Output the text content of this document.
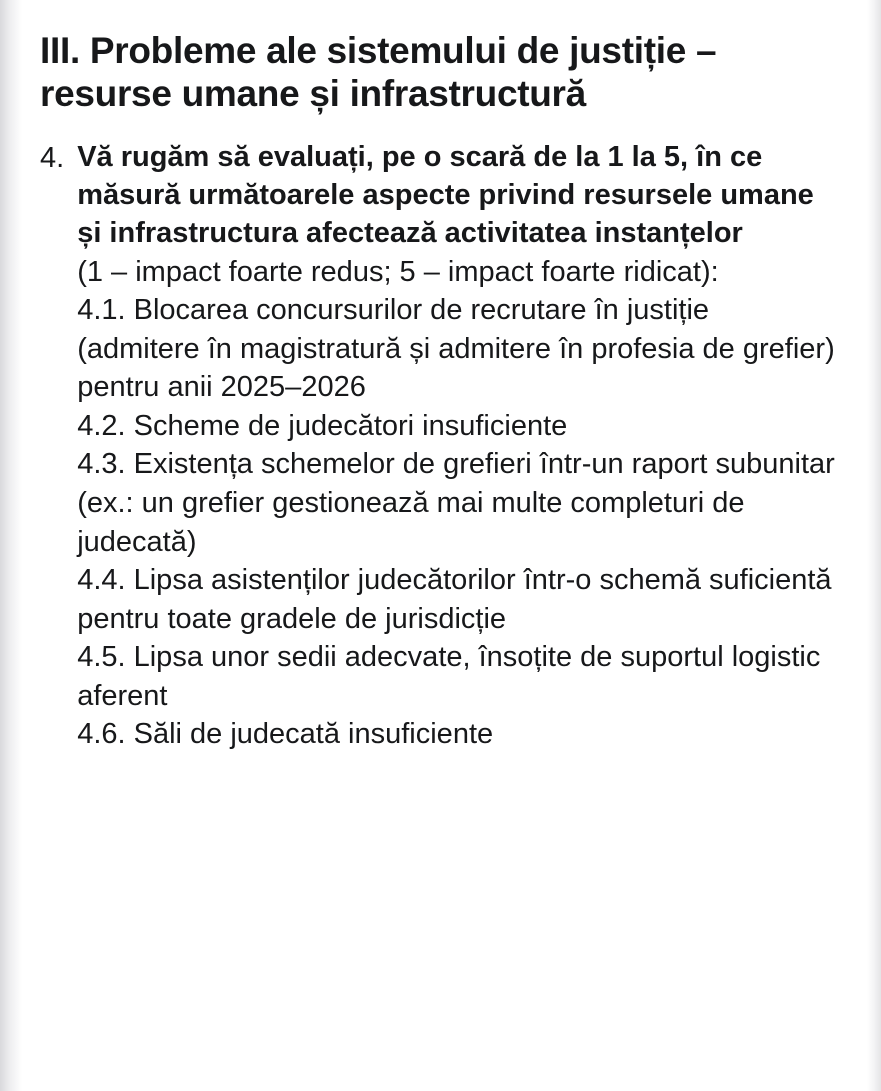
III. Probleme ale sistemului de justiție – resurse umane și infrastructură
4. Vă rugăm să evaluați, pe o scară de la 1 la 5, în ce măsură următoarele aspecte privind resursele umane și infrastructura afectează activitatea instanțelor

(1 – impact foarte redus; 5 – impact foarte ridicat):

4.1. Blocarea concursurilor de recrutare în justiție (admitere în magistratură și admitere în profesia de grefier) pentru anii 2025–2026
4.2. Scheme de judecători insuficiente
4.3. Existența schemelor de grefieri într-un raport subunitar (ex.: un grefier gestionează mai multe completuri de judecată)
4.4. Lipsa asistenților judecătorilor într-o schemă suficientă pentru toate gradele de jurisdicție
4.5. Lipsa unor sedii adecvate, însoțite de suportul logistic aferent
4.6. Săli de judecată insuficiente
